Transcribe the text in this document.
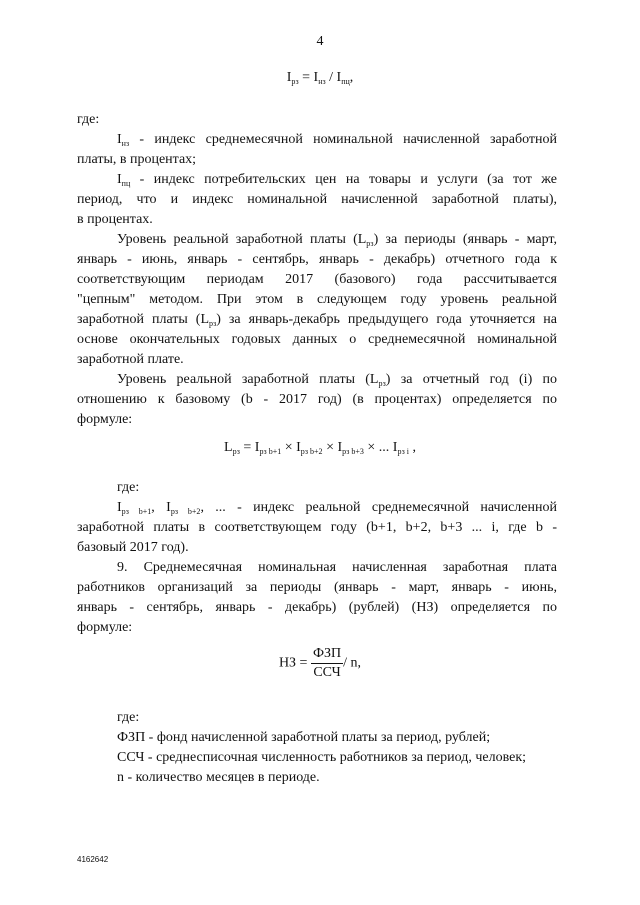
4
$I_{рз} = I_{нз} / I_{пц}$,
где:
$I_{нз}$ - индекс среднемесячной номинальной начисленной заработной
платы, в процентах;
$I_{пц}$ - индекс потребительских цен на товары и услуги (за тот же
период, что и индекс номинальной начисленной заработной платы),
в процентах.
Уровень реальной заработной платы $(L_{рз})$ за периоды (январь - март,
январь - июнь, январь - сентябрь, январь - декабрь) отчетного года к
соответствующим периодам 2017 (базового) года рассчитывается
"цепным" методом. При этом в следующем году уровень реальной
заработной платы $(L_{рз})$ за январь-декабрь предыдущего года уточняется на
основе окончательных годовых данных о среднемесячной номинальной
заработной плате.
Уровень реальной заработной платы $(L_{рз})$ за отчетный год (i) по
отношению к базовому (b - 2017 год) (в процентах) определяется по
формуле:
$L_{рз} = I_{рз b+1} \times I_{рз b+2} \times I_{рз b+3}$ × ... $I_{рз i}$ ,
где:
$I_{рз b+1}$, $I_{рз b+2}$, ... - индекс реальной среднемесячной начисленной
заработной платы в соответствующем году (b+1, b+2, b+3 ... i, где b -
базовый 2017 год).
9. Среднемесячная номинальная начисленная заработная плата
работников организаций за периоды (январь - март, январь - июнь,
январь - сентябрь, январь - декабрь) (рублей) (НЗ) определяется по
формуле:
НЗ = $\frac{\text{ФЗП}}{\text{ССЧ}}$ / n,
где:
ФЗП - фонд начисленной заработной платы за период, рублей;
ССЧ - среднесписочная численность работников за период, человек;
n - количество месяцев в периоде.
4162642
